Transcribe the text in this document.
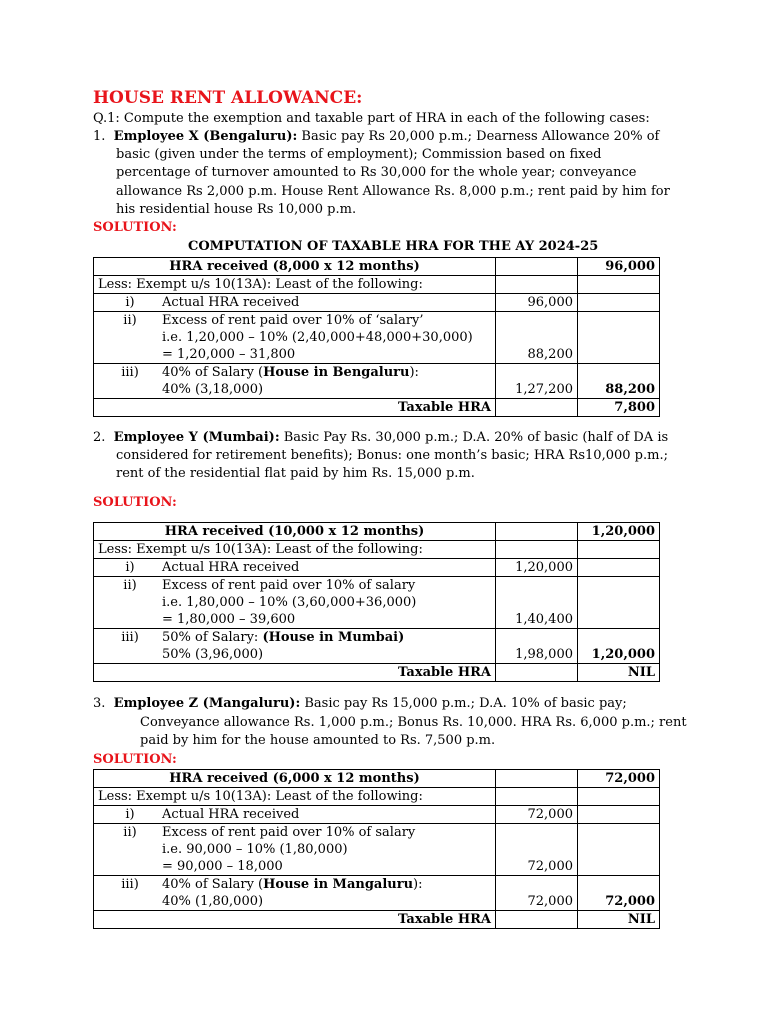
HOUSE RENT ALLOWANCE:
Q.1: Compute the exemption and taxable part of HRA in each of the following cases:
1. Employee X (Bengaluru): Basic pay Rs 20,000 p.m.; Dearness Allowance 20% of
basic (given under the terms of employment); Commission based on fixed
percentage of turnover amounted to Rs 30,000 for the whole year; conveyance
allowance Rs 2,000 p.m. House Rent Allowance Rs. 8,000 p.m.; rent paid by him for
his residential house Rs 10,000 p.m.
SOLUTION:
COMPUTATION OF TAXABLE HRA FOR THE AY 2024-25
HRA received (8,000 x 12 months)		96,000
Less: Exempt u/s 10(13A): Least of the following:		

i) Actual HRA received	96,000	

ii) Excess of rent paid over 10% of ‘salary’
i.e. 1,20,000 – 10% (2,40,000+48,000+30,000)
= 1,20,000 – 31,800	88,200	

iii) 40% of Salary (House in Bengaluru):
40% (3,18,000)	1,27,200	88,200
Taxable HRA		7,800
2. Employee Y (Mumbai): Basic Pay Rs. 30,000 p.m.; D.A. 20% of basic (half of DA is
considered for retirement benefits); Bonus: one month’s basic; HRA Rs10,000 p.m.;
rent of the residential flat paid by him Rs. 15,000 p.m.
SOLUTION:
HRA received (10,000 x 12 months)		1,20,000
Less: Exempt u/s 10(13A): Least of the following:		

i) Actual HRA received	1,20,000	

ii) Excess of rent paid over 10% of salary
i.e. 1,80,000 – 10% (3,60,000+36,000)
= 1,80,000 – 39,600	1,40,400	

iii) 50% of Salary: (House in Mumbai)
50% (3,96,000)	1,98,000	1,20,000
Taxable HRA		NIL
3. Employee Z (Mangaluru): Basic pay Rs 15,000 p.m.; D.A. 10% of basic pay;
Conveyance allowance Rs. 1,000 p.m.; Bonus Rs. 10,000. HRA Rs. 6,000 p.m.; rent
paid by him for the house amounted to Rs. 7,500 p.m.
SOLUTION:
HRA received (6,000 x 12 months)		72,000
Less: Exempt u/s 10(13A): Least of the following:		

i) Actual HRA received	72,000	

ii) Excess of rent paid over 10% of salary
i.e. 90,000 – 10% (1,80,000)
= 90,000 – 18,000	72,000	

iii) 40% of Salary (House in Mangaluru):
40% (1,80,000)	72,000	72,000
Taxable HRA		NIL
